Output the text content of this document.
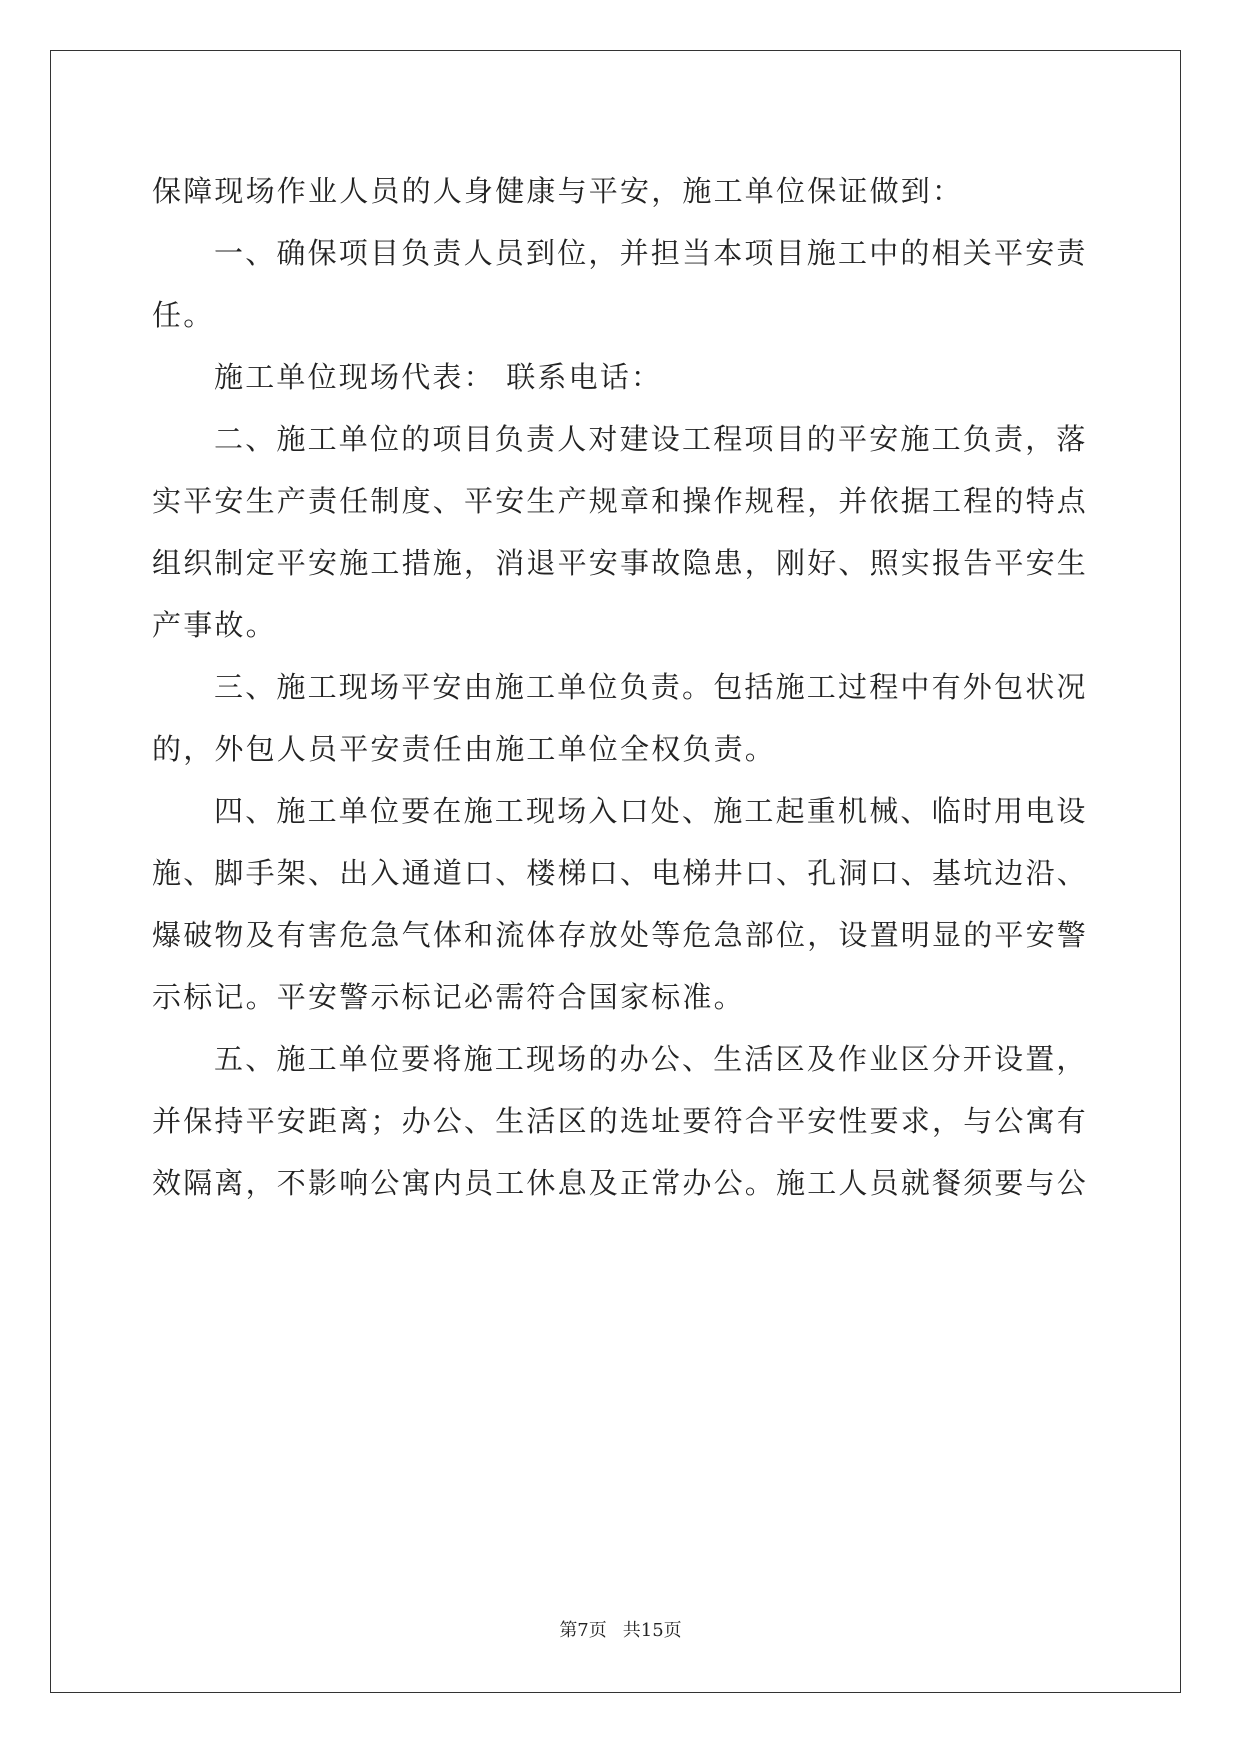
保障现场作业人员的人身健康与平安，施工单位保证做到：
一、确保项目负责人员到位，并担当本项目施工中的相关平安责
任。
施工单位现场代表： 联系电话：
二、施工单位的项目负责人对建设工程项目的平安施工负责，落
实平安生产责任制度、平安生产规章和操作规程，并依据工程的特点
组织制定平安施工措施，消退平安事故隐患，刚好、照实报告平安生
产事故。
三、施工现场平安由施工单位负责。包括施工过程中有外包状况
的，外包人员平安责任由施工单位全权负责。
四、施工单位要在施工现场入口处、施工起重机械、临时用电设
施、脚手架、出入通道口、楼梯口、电梯井口、孔洞口、基坑边沿、
爆破物及有害危急气体和流体存放处等危急部位，设置明显的平安警
示标记。平安警示标记必需符合国家标准。
五、施工单位要将施工现场的办公、生活区及作业区分开设置，
并保持平安距离；办公、生活区的选址要符合平安性要求，与公寓有
效隔离，不影响公寓内员工休息及正常办公。施工人员就餐须要与公
第7页 共15页
